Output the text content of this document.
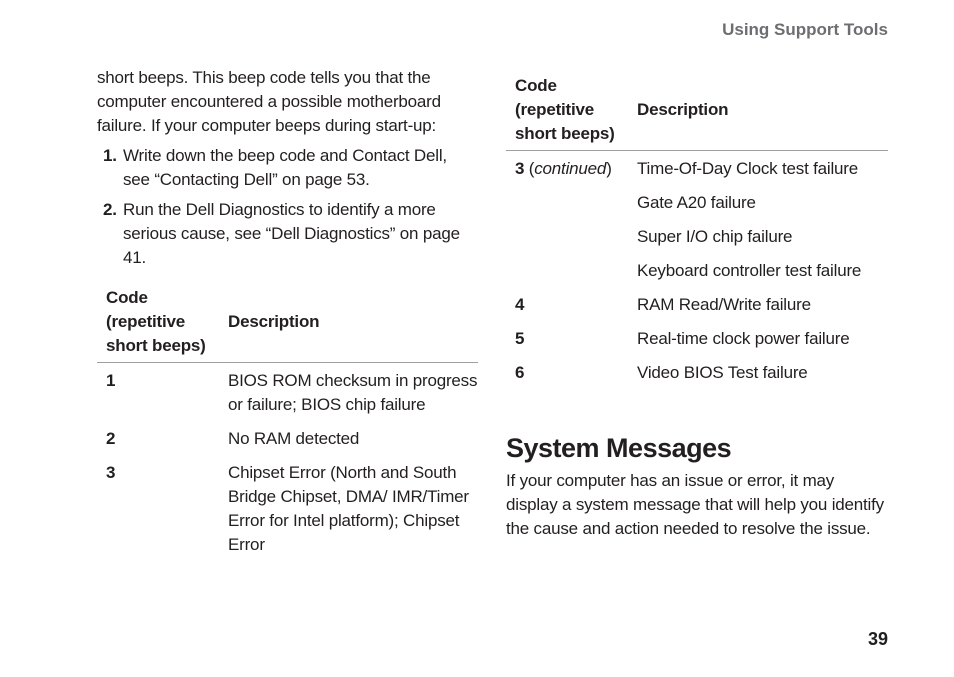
Using Support Tools

short beeps. This beep code tells you that the computer encountered a possible motherboard failure. If your computer beeps during start-up:

1. Write down the beep code and Contact Dell, see “Contacting Dell” on page 53.
2. Run the Dell Diagnostics to identify a more serious cause, see “Dell Diagnostics” on page 41.
Code (repetitive short beeps)	Description
1	BIOS ROM checksum in progress or failure; BIOS chip failure
2	No RAM detected
3	Chipset Error (North and South Bridge Chipset, DMA/ IMR/Timer Error for Intel platform); Chipset Error
Code (repetitive short beeps)	Description
3 (continued)	Time-Of-Day Clock test failure
	Gate A20 failure
	Super I/O chip failure
	Keyboard controller test failure
4	RAM Read/Write failure
5	Real-time clock power failure
6	Video BIOS Test failure
System Messages

If your computer has an issue or error, it may display a system message that will help you identify the cause and action needed to resolve the issue.

39
